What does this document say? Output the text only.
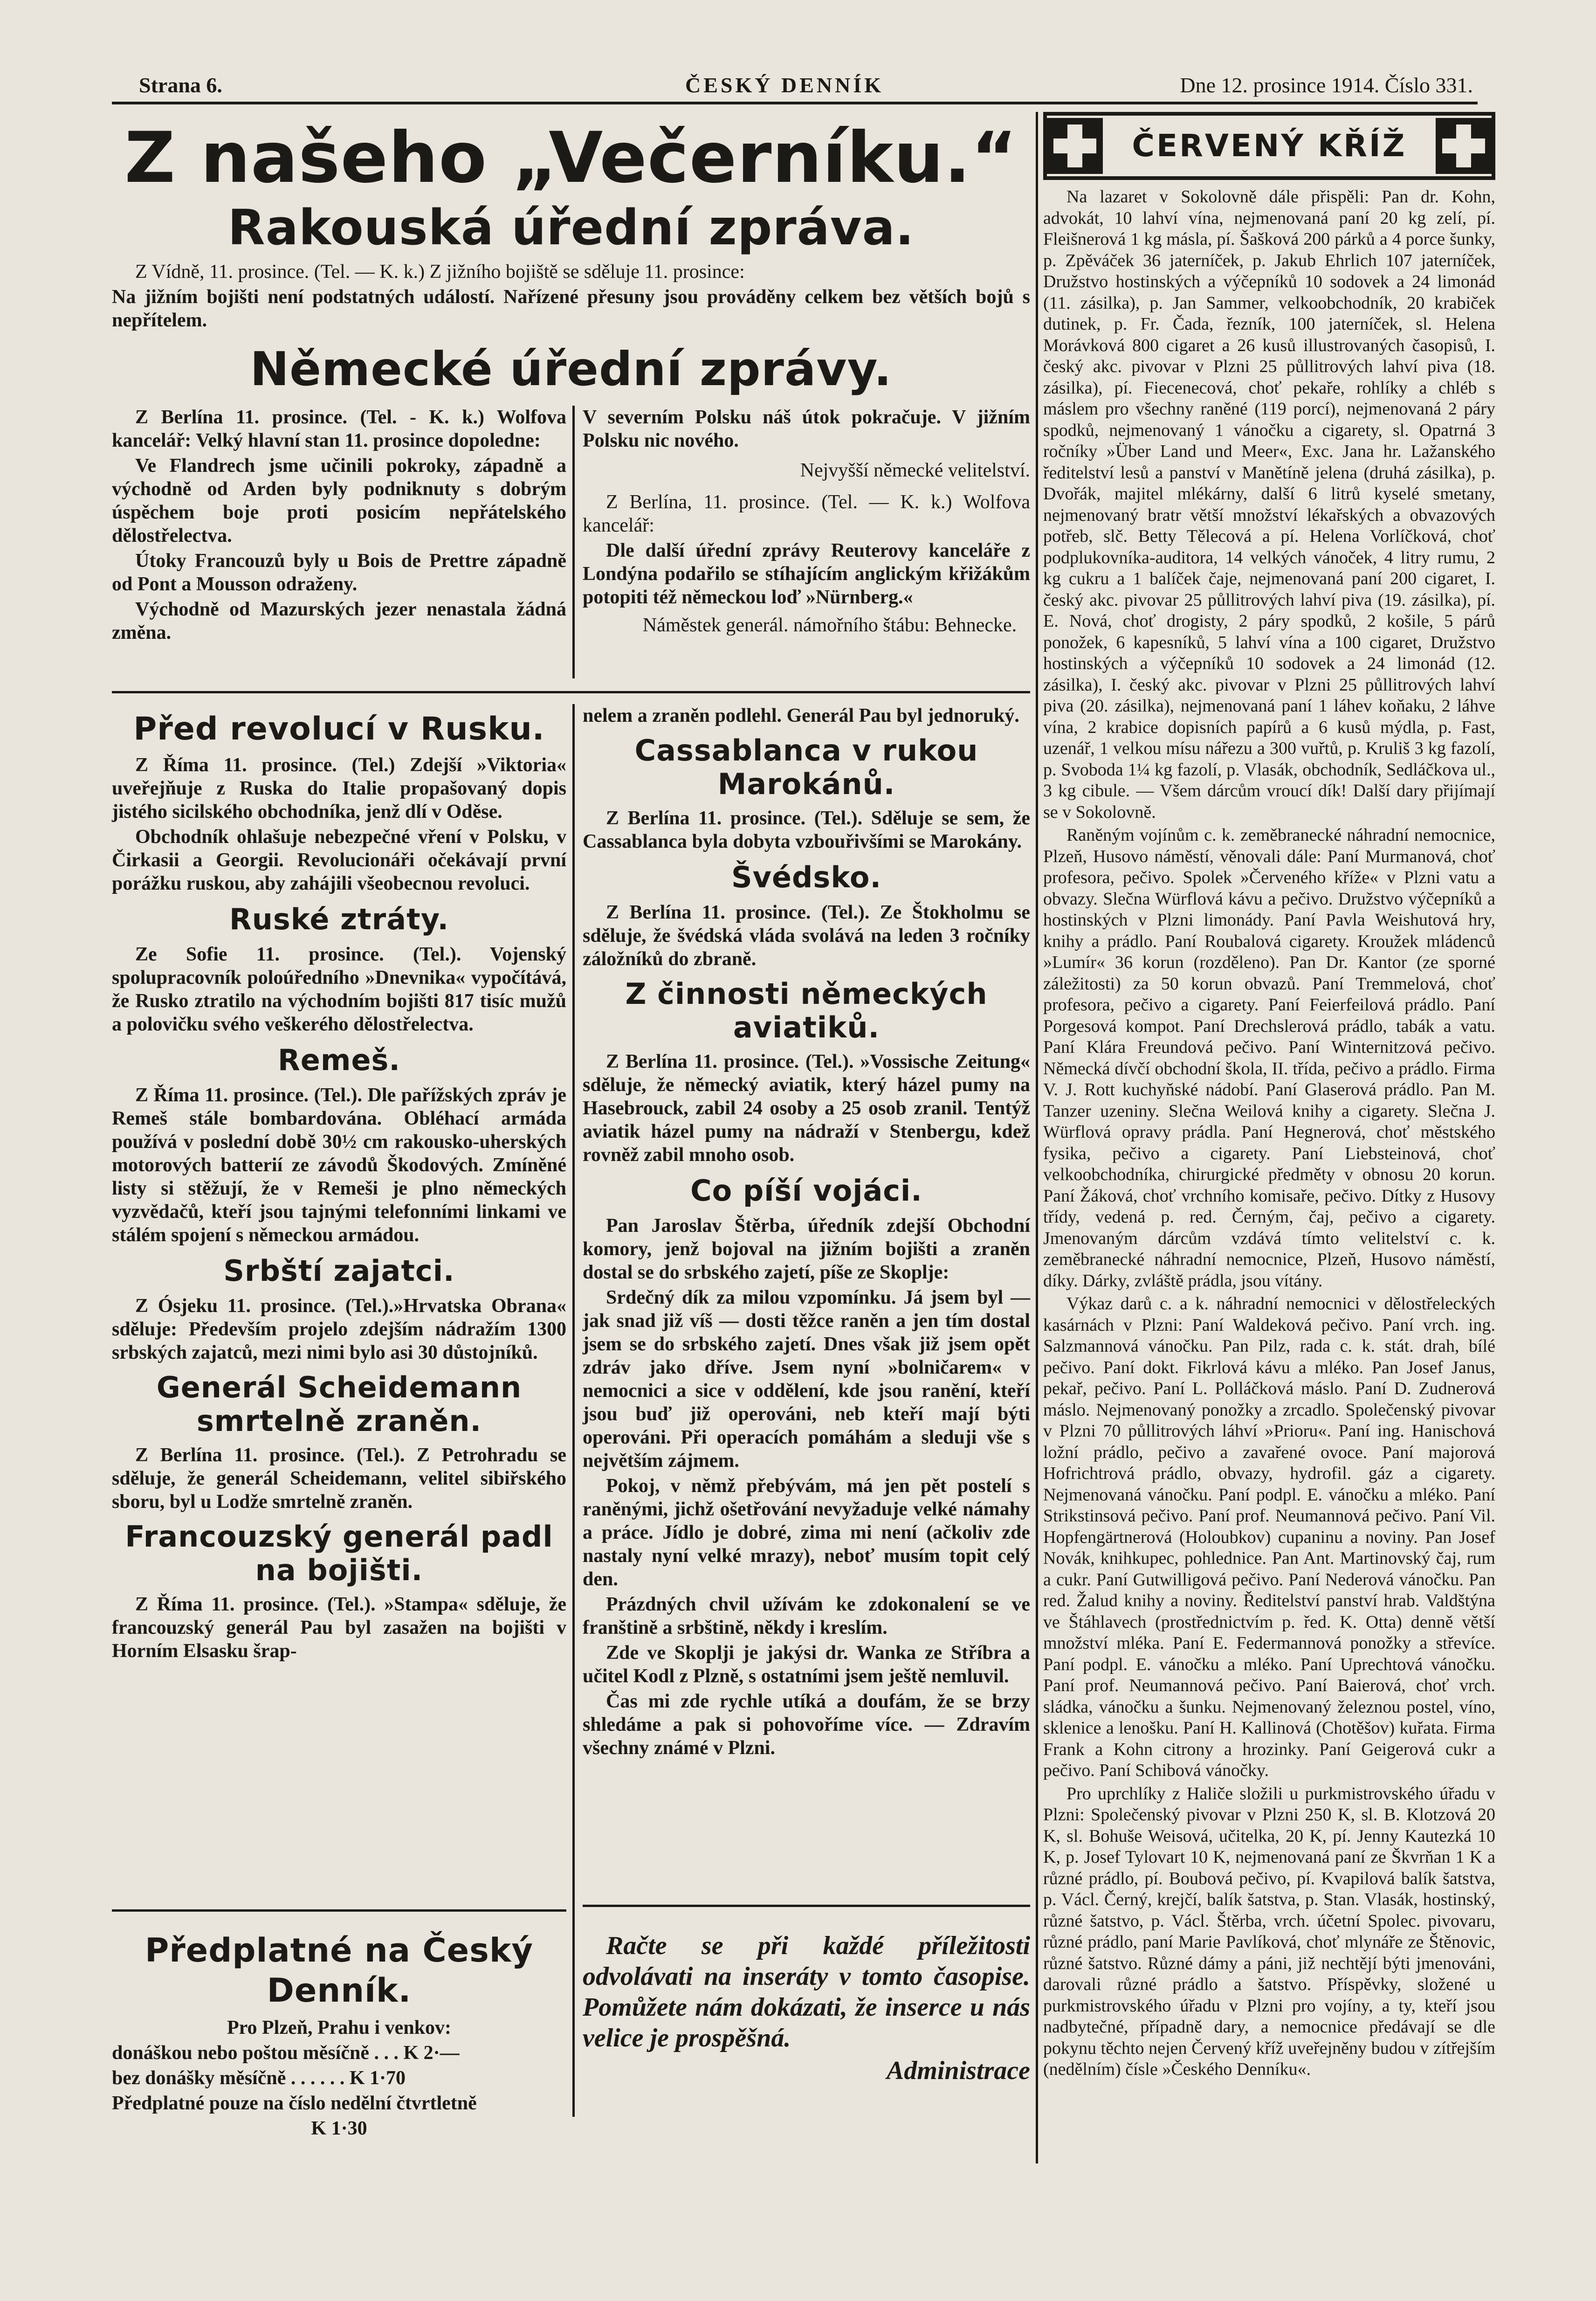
Strana 6.	ČESKÝ DENNÍK	Dne 12. prosince 1914. Číslo 331.
Z našeho „Večerníku.“
Rakouská úřední zpráva.

Z Vídně, 11. prosince. (Tel. — K. k.) Z jižního bojiště se sděluje 11. prosince:

Na jižním bojišti není podstatných událostí. Nařízené přesuny jsou prováděny celkem bez větších bojů s nepřítelem.

Německé úřední zprávy.

Z Berlína 11. prosince. (Tel. - K. k.) Wolfova kancelář: Velký hlavní stan 11. prosince dopoledne:

Ve Flandrech jsme učinili pokroky, západně a východně od Arden byly podniknuty s dobrým úspěchem boje proti posicím nepřátelského dělostřelectva.

Útoky Francouzů byly u Bois de Prettre západně od Pont a Mousson odraženy.

Východně od Mazurských jezer nenastala žádná změna.

V severním Polsku náš útok pokračuje. V jižním Polsku nic nového.

Nejvyšší německé velitelství.

Z Berlína, 11. prosince. (Tel. — K. k.) Wolfova kancelář:

Dle další úřední zprávy Reuterovy kanceláře z Londýna podařilo se stíhajícím anglickým křižákům potopiti též německou loď »Nürnberg.«

Náměstek generál. námořního štábu: Behnecke.

Před revolucí v Rusku.

Z Říma 11. prosince. (Tel.) Zdejší »Viktoria« uveřejňuje z Ruska do Italie propašovaný dopis jistého sicilského obchodníka, jenž dlí v Oděse.

Obchodník ohlašuje nebezpečné vření v Polsku, v Čirkasii a Georgii. Revolucionáři očekávají první porážku ruskou, aby zahájili všeobecnou revoluci.

Ruské ztráty.

Ze Sofie 11. prosince. (Tel.). Vojenský spolupracovník poloúředního »Dnevnika« vypočítává, že Rusko ztratilo na východním bojišti 817 tisíc mužů a polovičku svého veškerého dělostřelectva.

Remeš.

Z Říma 11. prosince. (Tel.). Dle pařížských zpráv je Remeš stále bombardována. Obléhací armáda používá v poslední době 30½ cm rakousko-uherských motorových batterií ze závodů Škodových. Zmíněné listy si stěžují, že v Remeši je plno německých vyzvědačů, kteří jsou tajnými telefonními linkami ve stálém spojení s německou armádou.

Srbští zajatci.

Z Ósjeku 11. prosince. (Tel.).»Hrvatska Obrana« sděluje: Především projelo zdejším nádražím 1300 srbských zajatců, mezi nimi bylo asi 30 důstojníků.

Generál Scheidemann smrtelně zraněn.

Z Berlína 11. prosince. (Tel.). Z Petrohradu se sděluje, že generál Scheidemann, velitel sibiřského sboru, byl u Lodže smrtelně zraněn.

Francouzský generál padl na bojišti.

Z Říma 11. prosince. (Tel.). »Stampa« sděluje, že francouzský generál Pau byl zasažen na bojišti v Horním Elsasku šrap-

Předplatné na Český Denník.

Pro Plzeň, Prahu i venkov:

donáškou nebo poštou měsíčně . . . K 2·—

bez donášky měsíčně . . . . . . K 1·70

Předplatné pouze na číslo nedělní čtvrtletně

K 1·30

nelem a zraněn podlehl. Generál Pau byl jednoruký.

Cassablanca v rukou Marokánů.

Z Berlína 11. prosince. (Tel.). Sděluje se sem, že Cassablanca byla dobyta vzbouřivšími se Marokány.

Švédsko.

Z Berlína 11. prosince. (Tel.). Ze Štokholmu se sděluje, že švédská vláda svolává na leden 3 ročníky záložníků do zbraně.

Z činnosti německých aviatiků.

Z Berlína 11. prosince. (Tel.). »Vossische Zeitung« sděluje, že německý aviatik, který házel pumy na Hasebrouck, zabil 24 osoby a 25 osob zranil. Tentýž aviatik házel pumy na nádraží v Stenbergu, kdež rovněž zabil mnoho osob.

Co píší vojáci.

Pan Jaroslav Štěrba, úředník zdejší Obchodní komory, jenž bojoval na jižním bojišti a zraněn dostal se do srbského zajetí, píše ze Skoplje:

Srdečný dík za milou vzpomínku. Já jsem byl — jak snad již víš — dosti těžce raněn a jen tím dostal jsem se do srbského zajetí. Dnes však již jsem opět zdráv jako dříve. Jsem nyní »bolničarem« v nemocnici a sice v oddělení, kde jsou ranění, kteří jsou buď již operováni, neb kteří mají býti operováni. Při operacích pomáhám a sleduji vše s největším zájmem.

Pokoj, v němž přebývám, má jen pět postelí s raněnými, jichž ošetřování nevyžaduje velké námahy a práce. Jídlo je dobré, zima mi není (ačkoliv zde nastaly nyní velké mrazy), neboť musím topit celý den.

Prázdných chvil užívám ke zdokonalení se ve franštině a srbštině, někdy i kreslím.

Zde ve Skoplji je jakýsi dr. Wanka ze Stříbra a učitel Kodl z Plzně, s ostatními jsem ještě nemluvil.

Čas mi zde rychle utíká a doufám, že se brzy shledáme a pak si pohovoříme více. — Zdravím všechny známé v Plzni.

Račte se při každé příležitosti odvolávati na inseráty v tomto časopise. Pomůžete nám dokázati, že inserce u nás velice je prospěšná.

Administrace

ČERVENÝ KŘÍŽ

Na lazaret v Sokolovně dále přispěli: Pan dr. Kohn, advokát, 10 lahví vína, nejmenovaná paní 20 kg zelí, pí. Fleišnerová 1 kg másla, pí. Šašková 200 párků a 4 porce šunky, p. Zpěváček 36 jaterníček, p. Jakub Ehrlich 107 jaterníček, Družstvo hostinských a výčepníků 10 sodovek a 24 limonád (11. zásilka), p. Jan Sammer, velkoobchodník, 20 krabiček dutinek, p. Fr. Čada, řezník, 100 jaterníček, sl. Helena Morávková 800 cigaret a 26 kusů illustrovaných časopisů, I. český akc. pivovar v Plzni 25 půllitrových lahví piva (18. zásilka), pí. Fiecenecová, choť pekaře, rohlíky a chléb s máslem pro všechny raněné (119 porcí), nejmenovaná 2 páry spodků, nejmenovaný 1 vánočku a cigarety, sl. Opatrná 3 ročníky »Über Land und Meer«, Exc. Jana hr. Lažanského ředitelství lesů a panství v Manětíně jelena (druhá zásilka), p. Dvořák, majitel mlékárny, další 6 litrů kyselé smetany, nejmenovaný bratr větší množství lékařských a obvazových potřeb, slč. Betty Tělecová a pí. Helena Vorlíčková, choť podplukovníka-auditora, 14 velkých vánoček, 4 litry rumu, 2 kg cukru a 1 balíček čaje, nejmenovaná paní 200 cigaret, I. český akc. pivovar 25 půllitrových lahví piva (19. zásilka), pí. E. Nová, choť drogisty, 2 páry spodků, 2 košile, 5 párů ponožek, 6 kapesníků, 5 lahví vína a 100 cigaret, Družstvo hostinských a výčepníků 10 sodovek a 24 limonád (12. zásilka), I. český akc. pivovar v Plzni 25 půllitrových lahví piva (20. zásilka), nejmenovaná paní 1 láhev koňaku, 2 láhve vína, 2 krabice dopisních papírů a 6 kusů mýdla, p. Fast, uzenář, 1 velkou mísu nářezu a 300 vuřtů, p. Kruliš 3 kg fazolí, p. Svoboda 1¼ kg fazolí, p. Vlasák, obchodník, Sedláčkova ul., 3 kg cibule. — Všem dárcům vroucí dík! Další dary přijímají se v Sokolovně.

Raněným vojínům c. k. zeměbranecké náhradní nemocnice, Plzeň, Husovo náměstí, věnovali dále: Paní Murmanová, choť profesora, pečivo. Spolek »Červeného kříže« v Plzni vatu a obvazy. Slečna Würflová kávu a pečivo. Družstvo výčepníků a hostinských v Plzni limonády. Paní Pavla Weishutová hry, knihy a prádlo. Paní Roubalová cigarety. Kroužek mládenců »Lumír« 36 korun (rozděleno). Pan Dr. Kantor (ze sporné záležitosti) za 50 korun obvazů. Paní Tremmelová, choť profesora, pečivo a cigarety. Paní Feierfeilová prádlo. Paní Porgesová kompot. Paní Drechslerová prádlo, tabák a vatu. Paní Klára Freundová pečivo. Paní Winternitzová pečivo. Německá dívčí obchodní škola, II. třída, pečivo a prádlo. Firma V. J. Rott kuchyňské nádobí. Paní Glaserová prádlo. Pan M. Tanzer uzeniny. Slečna Weilová knihy a cigarety. Slečna J. Würflová opravy prádla. Paní Hegnerová, choť městského fysika, pečivo a cigarety. Paní Liebsteinová, choť velkoobchodníka, chirurgické předměty v obnosu 20 korun. Paní Žáková, choť vrchního komisaře, pečivo. Dítky z Husovy třídy, vedená p. red. Černým, čaj, pečivo a cigarety. Jmenovaným dárcům vzdává tímto velitelství c. k. zeměbranecké náhradní nemocnice, Plzeň, Husovo náměstí, díky. Dárky, zvláště prádla, jsou vítány.

Výkaz darů c. a k. náhradní nemocnici v dělostřeleckých kasárnách v Plzni: Paní Waldeková pečivo. Paní vrch. ing. Salzmannová vánočku. Pan Pilz, rada c. k. stát. drah, bílé pečivo. Paní dokt. Fikrlová kávu a mléko. Pan Josef Janus, pekař, pečivo. Paní L. Polláčková máslo. Paní D. Zudnerová máslo. Nejmenovaný ponožky a zrcadlo. Společenský pivovar v Plzni 70 půllitrových láhví »Prioru«. Paní ing. Hanischová ložní prádlo, pečivo a zavařené ovoce. Paní majorová Hofrichtrová prádlo, obvazy, hydrofil. gáz a cigarety. Nejmenovaná vánočku. Paní podpl. E. vánočku a mléko. Paní Strikstinsová pečivo. Paní prof. Neumannová pečivo. Paní Vil. Hopfengärtnerová (Holoubkov) cupaninu a noviny. Pan Josef Novák, knihkupec, pohlednice. Pan Ant. Martinovský čaj, rum a cukr. Paní Gutwilligová pečivo. Paní Nederová vánočku. Pan red. Žalud knihy a noviny. Ředitelství panství hrab. Valdštýna ve Štáhlavech (prostřednictvím p. řed. K. Otta) denně větší množství mléka. Paní E. Federmannová ponožky a střevíce. Paní podpl. E. vánočku a mléko. Paní Uprechtová vánočku. Paní prof. Neumannová pečivo. Paní Baierová, choť vrch. sládka, vánočku a šunku. Nejmenovaný železnou postel, víno, sklenice a lenošku. Paní H. Kallinová (Chotěšov) kuřata. Firma Frank a Kohn citrony a hrozinky. Paní Geigerová cukr a pečivo. Paní Schibová vánočky.

Pro uprchlíky z Haliče složili u purkmistrovského úřadu v Plzni: Společenský pivovar v Plzni 250 K, sl. B. Klotzová 20 K, sl. Bohuše Weisová, učitelka, 20 K, pí. Jenny Kautezká 10 K, p. Josef Tylovart 10 K, nejmenovaná paní ze Škvrňan 1 K a různé prádlo, pí. Boubová pečivo, pí. Kvapilová balík šatstva, p. Václ. Černý, krejčí, balík šatstva, p. Stan. Vlasák, hostinský, různé šatstvo, p. Václ. Štěrba, vrch. účetní Spolec. pivovaru, různé prádlo, paní Marie Pavlíková, choť mlynáře ze Štěnovic, různé šatstvo. Různé dámy a páni, již nechtějí býti jmenováni, darovali různé prádlo a šatstvo. Příspěvky, složené u purkmistrovského úřadu v Plzni pro vojíny, a ty, kteří jsou nadbytečné, případně dary, a nemocnice předávají se dle pokynu těchto nejen Červený kříž uveřejněny budou v zítřejším (nedělním) čísle »Českého Denníku«.
